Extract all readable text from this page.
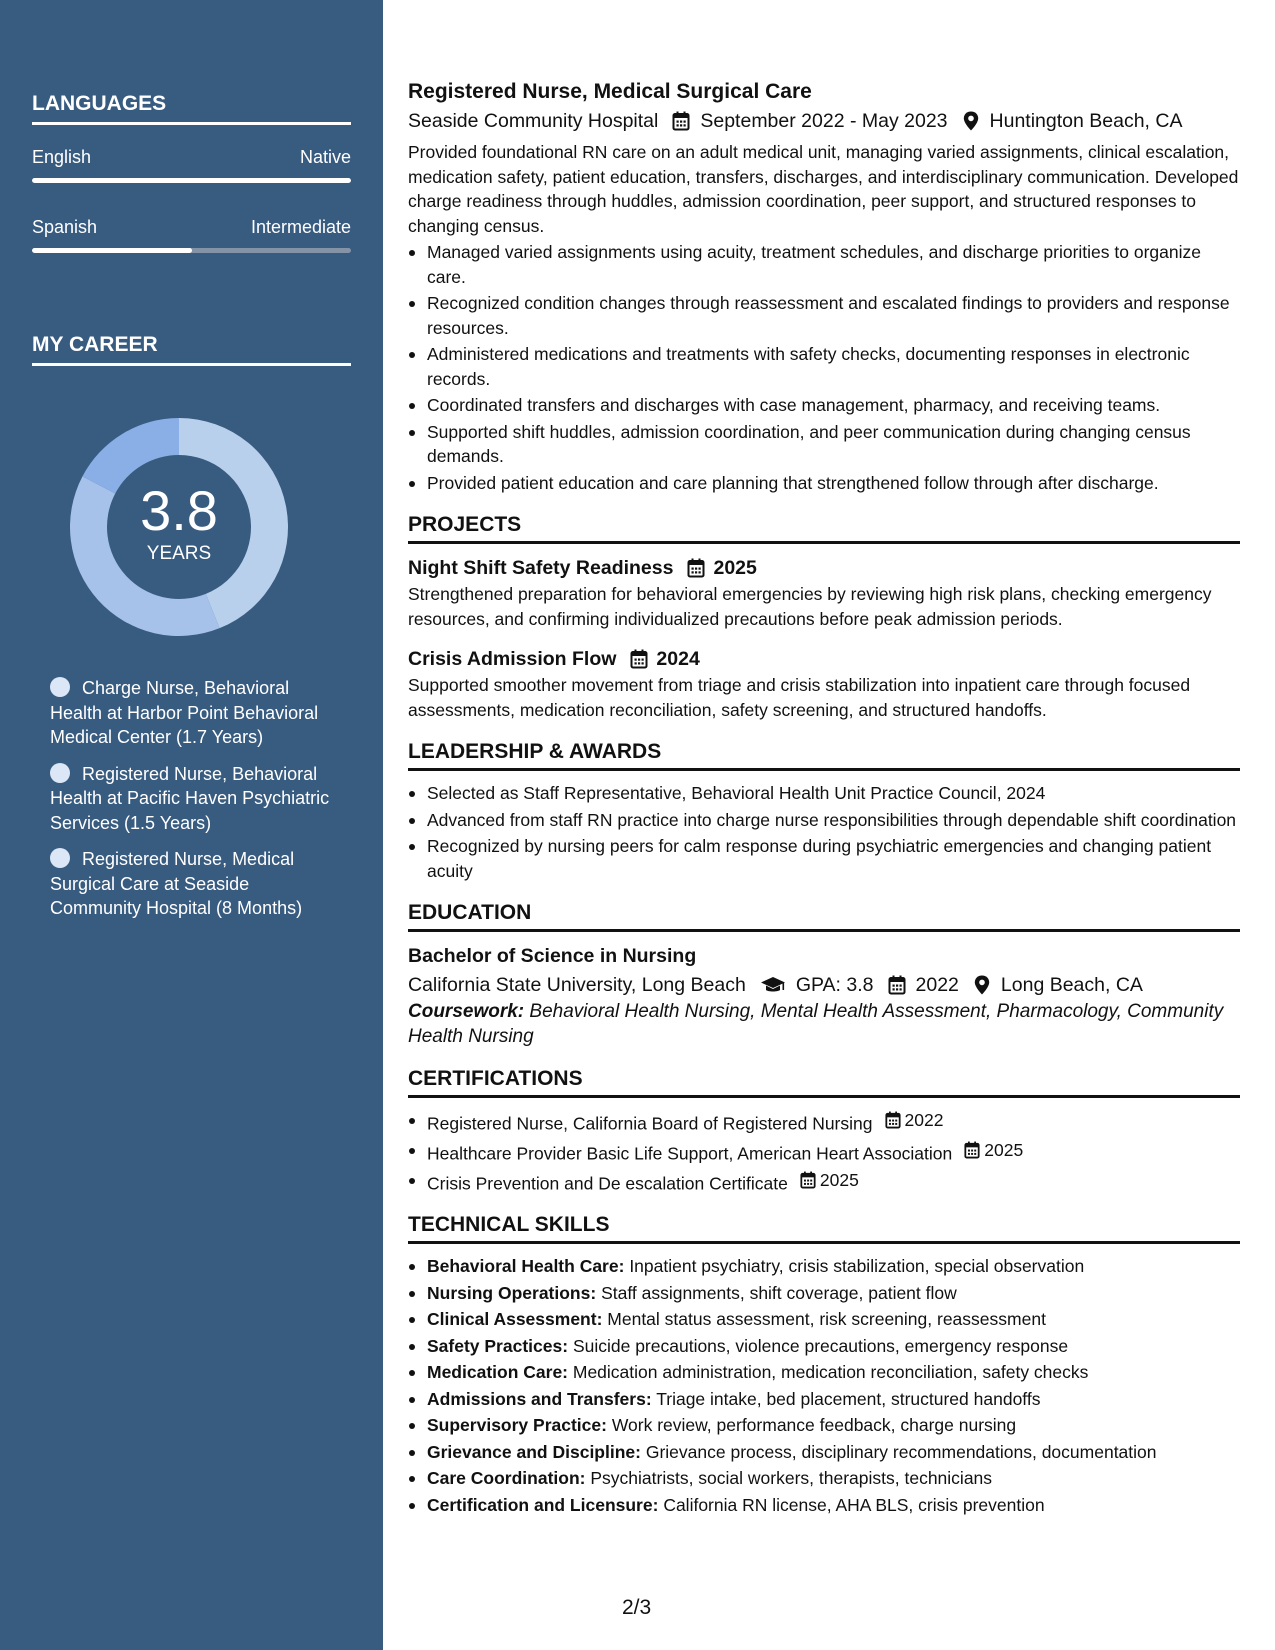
LANGUAGES
English	Native
Spanish	Intermediate
MY CAREER
3.8
YEARS
Charge Nurse, Behavioral Health at Harbor Point Behavioral Medical Center (1.7 Years)
Registered Nurse, Behavioral Health at Pacific Haven Psychiatric Services (1.5 Years)
Registered Nurse, Medical Surgical Care at Seaside Community Hospital (8 Months)
Registered Nurse, Medical Surgical Care
Seaside Community Hospital September 2022 - May 2023 Huntington Beach, CA
Provided foundational RN care on an adult medical unit, managing varied assignments, clinical escalation, medication safety, patient education, transfers, discharges, and interdisciplinary communication. Developed charge readiness through huddles, admission coordination, peer support, and structured responses to changing census.
Managed varied assignments using acuity, treatment schedules, and discharge priorities to organize care.
Recognized condition changes through reassessment and escalated findings to providers and response resources.
Administered medications and treatments with safety checks, documenting responses in electronic records.
Coordinated transfers and discharges with case management, pharmacy, and receiving teams.
Supported shift huddles, admission coordination, and peer communication during changing census demands.
Provided patient education and care planning that strengthened follow through after discharge.
PROJECTS
Night Shift Safety Readiness 2025
Strengthened preparation for behavioral emergencies by reviewing high risk plans, checking emergency resources, and confirming individualized precautions before peak admission periods.
Crisis Admission Flow 2024
Supported smoother movement from triage and crisis stabilization into inpatient care through focused assessments, medication reconciliation, safety screening, and structured handoffs.
LEADERSHIP & AWARDS
Selected as Staff Representative, Behavioral Health Unit Practice Council, 2024
Advanced from staff RN practice into charge nurse responsibilities through dependable shift coordination
Recognized by nursing peers for calm response during psychiatric emergencies and changing patient acuity
EDUCATION
Bachelor of Science in Nursing
California State University, Long Beach	GPA: 3.8 2022 Long Beach, CA
Coursework: Behavioral Health Nursing, Mental Health Assessment, Pharmacology, Community Health Nursing
CERTIFICATIONS
Registered Nurse, California Board of Registered Nursing 2022
Healthcare Provider Basic Life Support, American Heart Association 2025
Crisis Prevention and De escalation Certificate 2025
TECHNICAL SKILLS
Behavioral Health Care: Inpatient psychiatry, crisis stabilization, special observation
Nursing Operations: Staff assignments, shift coverage, patient flow
Clinical Assessment: Mental status assessment, risk screening, reassessment
Safety Practices: Suicide precautions, violence precautions, emergency response
Medication Care: Medication administration, medication reconciliation, safety checks
Admissions and Transfers: Triage intake, bed placement, structured handoffs
Supervisory Practice: Work review, performance feedback, charge nursing
Grievance and Discipline: Grievance process, disciplinary recommendations, documentation
Care Coordination: Psychiatrists, social workers, therapists, technicians
Certification and Licensure: California RN license, AHA BLS, crisis prevention
2/3
